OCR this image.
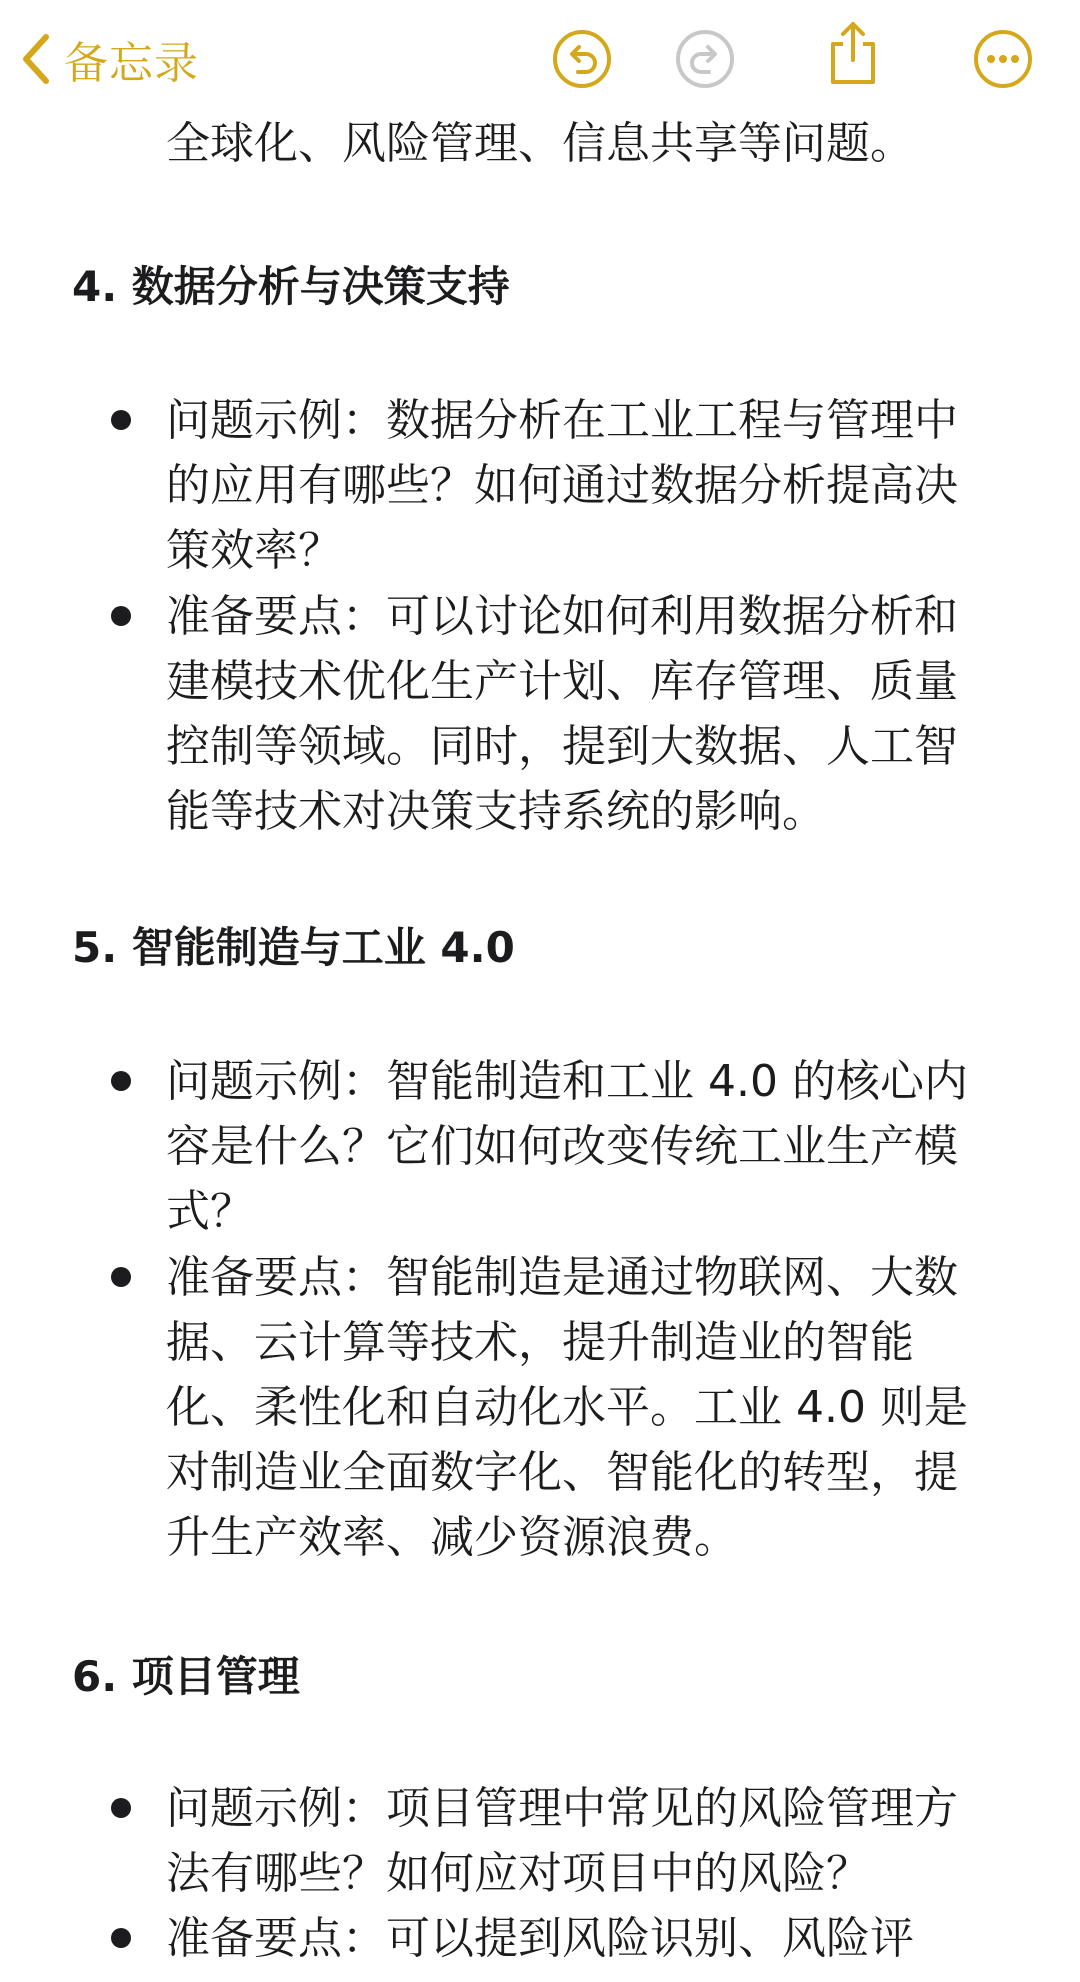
全球化、风险管理、信息共享等问题。
4. 数据分析与决策支持
问题示例：数据分析在工业工程与管理中的应用有哪些？如何通过数据分析提高决策效率？
准备要点：可以讨论如何利用数据分析和建模技术优化生产计划、库存管理、质量控制等领域。同时，提到大数据、人工智能等技术对决策支持系统的影响。
5. 智能制造与工业 4.0
问题示例：智能制造和工业 4.0 的核心内容是什么？它们如何改变传统工业生产模式？
准备要点：智能制造是通过物联网、大数据、云计算等技术，提升制造业的智能化、柔性化和自动化水平。工业 4.0 则是对制造业全面数字化、智能化的转型，提升生产效率、减少资源浪费。
6. 项目管理
问题示例：项目管理中常见的风险管理方法有哪些？如何应对项目中的风险？
准备要点：可以提到风险识别、风险评
备忘录
